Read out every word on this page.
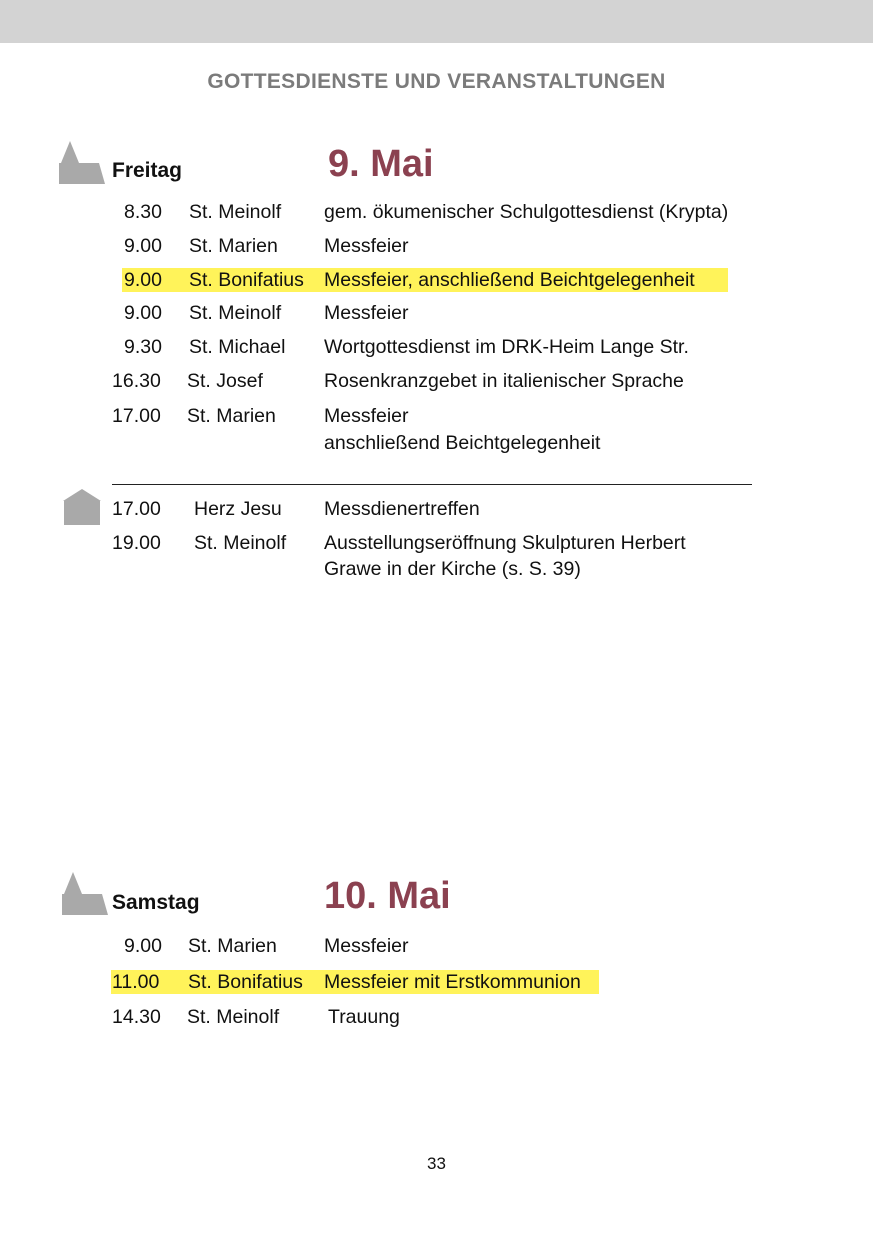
GOTTESDIENSTE UND VERANSTALTUNGEN
Freitag	9. Mai
8.30 St. Meinolf gem. ökumenischer Schulgottesdienst (Krypta)
9.00 St. Marien Messfeier
9.00 St. Bonifatius Messfeier, anschließend Beichtgelegenheit
9.00 St. Meinolf Messfeier
9.30 St. Michael Wortgottesdienst im DRK-Heim Lange Str.
16.30 St. Josef	Rosenkranzgebet in italienischer Sprache
17.00 St. Marien Messfeier
anschließend Beichtgelegenheit
17.00 Herz Jesu Messdienertreffen
19.00 St. Meinolf Ausstellungseröffnung Skulpturen Herbert
Grawe in der Kirche (s. S. 39)
Samstag	10. Mai
9.00 St. Marien Messfeier
11.00 St. Bonifatius Messfeier mit Erstkommunion
14.30 St. Meinolf	Trauung
33
